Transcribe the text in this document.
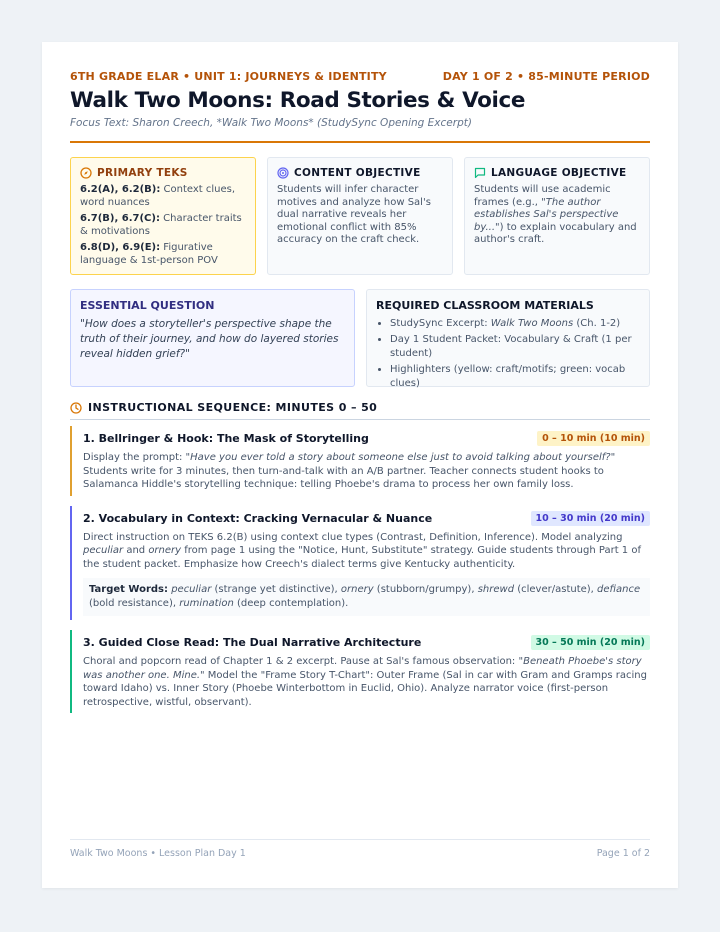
6TH GRADE ELAR • UNIT 1: JOURNEYS & IDENTITY	DAY 1 OF 2 • 85-MINUTE PERIOD
Walk Two Moons: Road Stories & Voice
Focus Text: Sharon Creech, *Walk Two Moons* (StudySync Opening Excerpt)
PRIMARY TEKS
6.2(A), 6.2(B): Context clues, word nuances
6.7(B), 6.7(C): Character traits & motivations
6.8(D), 6.9(E): Figurative language & 1st-person POV
CONTENT OBJECTIVE
Students will infer character motives and analyze how Sal's dual narrative reveals her emotional conflict with 85% accuracy on the craft check.
LANGUAGE OBJECTIVE
Students will use academic frames (e.g., "The author establishes Sal's perspective by...") to explain vocabulary and author's craft.
ESSENTIAL QUESTION
"How does a storyteller's perspective shape the truth of their journey, and how do layered stories reveal hidden grief?"
REQUIRED CLASSROOM MATERIALS
• StudySync Excerpt: Walk Two Moons (Ch. 1-2)
• Day 1 Student Packet: Vocabulary & Craft (1 per student)
• Highlighters (yellow: craft/motifs; green: vocab clues)
INSTRUCTIONAL SEQUENCE: MINUTES 0 – 50
1. Bellringer & Hook: The Mask of Storytelling	0 – 10 min (10 min)
Display the prompt: "Have you ever told a story about someone else just to avoid talking about yourself?" Students write for 3 minutes, then turn-and-talk with an A/B partner. Teacher connects student hooks to Salamanca Hiddle's storytelling technique: telling Phoebe's drama to process her own family loss.
2. Vocabulary in Context: Cracking Vernacular & Nuance	10 – 30 min (20 min)
Direct instruction on TEKS 6.2(B) using context clue types (Contrast, Definition, Inference). Model analyzing peculiar and ornery from page 1 using the "Notice, Hunt, Substitute" strategy. Guide students through Part 1 of the student packet. Emphasize how Creech's dialect terms give Kentucky authenticity.
Target Words: peculiar (strange yet distinctive), ornery (stubborn/grumpy), shrewd (clever/astute), defiance (bold resistance), rumination (deep contemplation).
3. Guided Close Read: The Dual Narrative Architecture	30 – 50 min (20 min)
Choral and popcorn read of Chapter 1 & 2 excerpt. Pause at Sal's famous observation: "Beneath Phoebe's story was another one. Mine." Model the "Frame Story T-Chart": Outer Frame (Sal in car with Gram and Gramps racing toward Idaho) vs. Inner Story (Phoebe Winterbottom in Euclid, Ohio). Analyze narrator voice (first-person retrospective, wistful, observant).
Walk Two Moons • Lesson Plan Day 1	Page 1 of 2
